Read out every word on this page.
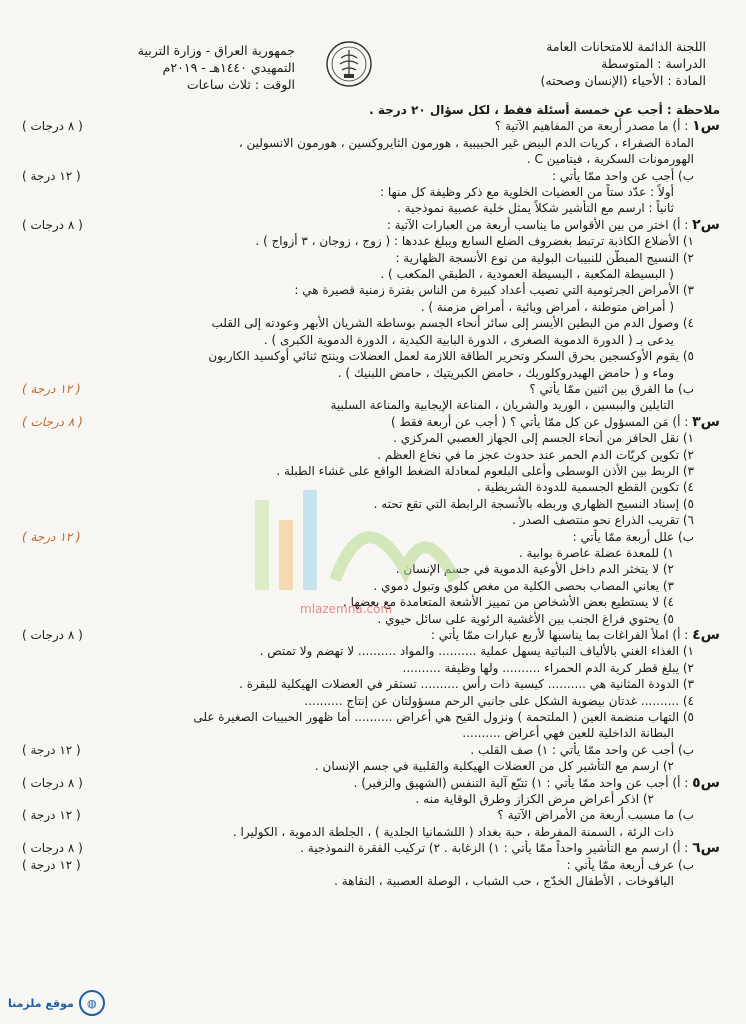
اللجنة الدائمة للامتحانات العامة
الدراسة : المتوسطة
المادة : الأحياء (الإنسان وصحته)
جمهورية العراق - وزارة التربية
التمهيدي ١٤٤٠هـ - ٢٠١٩م
الوقت : ثلاث ساعات
ملاحظة : أجب عن خمسة أسئلة فقط ، لكل سؤال ٢٠ درجة .
س١ : أ) ما مصدر أربعة من المفاهيم الآتية ؟
( ٨ درجات )
المادة الصفراء ، كريات الدم البيض غير الحبيبية ، هورمون الثايروكسين ، هورمون الانسولين ،
الهورمونات السكرية ، فيتامين C .
ب) أجب عن واحد ممّا يأتي :
( ١٢ درجة )
أولاً : عدّد ستاً من العضيات الخلوية مع ذكر وظيفة كل منها :
ثانياً : ارسم مع التأشير شكلاً يمثل خلية عصبية نموذجية .
س٢ : أ) اختر من بين الأقواس ما يناسب أربعة من العبارات الآتية :
( ٨ درجات )
١) الأضلاع الكاذبة ترتبط بغضروف الضلع السابع ويبلغ عددها : ( زوج ، زوجان ، ٣ أزواج ) .
٢) النسيج المبطّن للنبيبات البولية من نوع الأنسجة الظهارية :
( البسيطة المكعبة ، البسيطة العمودية ، الطبقي المكعب ) .
٣) الأمراض الجرثومية التي تصيب أعداد كبيرة من الناس بفترة زمنية قصيرة هي :
( أمراض متوطنة ، أمراض وبائية ، أمراض مزمنة ) .
٤) وصول الدم من البطين الأيسر إلى سائر أنحاء الجسم بوساطة الشريان الأبهر وعودته إلى القلب
يدعى بـ ( الدورة الدموية الصغرى ، الدورة البابية الكبدية ، الدورة الدموية الكبرى ) .
٥) يقوم الأوكسجين بحرق السكر وتحرير الطاقة اللازمة لعمل العضلات وينتج ثنائي أوكسيد الكاربون
وماء و ( حامض الهيدروكلوريك ، حامض الكبريتيك ، حامض اللبنيك ) .
ب) ما الفرق بين اثنين ممّا يأتي ؟
( ١٢ درجة )
التايلين والببسين ، الوريد والشريان ، المناعة الإيجابية والمناعة السلبية
س٣ : أ) مَن المسؤول عن كل ممّا يأتي ؟ ( أجب عن أربعة فقط )
( ٨ درجات )
١) نقل الحافز من أنحاء الجسم إلى الجهاز العصبي المركزي .
٢) تكوين كريّات الدم الحمر عند حدوث عجز ما في نخاع العظم .
٣) الربط بين الأذن الوسطى وأعلى البلعوم لمعادلة الضغط الواقع على غشاء الطبلة .
٤) تكوين القطع الجسمية للدودة الشريطية .
٥) إسناد النسيج الظهاري وربطه بالأنسجة الرابطة التي تقع تحته .
٦) تقريب الذراع نحو منتصف الصدر .
ب) علل أربعة ممّا يأتي :
( ١٢ درجة )
١) للمعدة عضلة عاصرة بوابية .
٢) لا يتخثر الدم داخل الأوعية الدموية في جسم الإنسان .
٣) يعاني المصاب بحصى الكلية من مغص كلوي وتبول دموي .
٤) لا يستطيع بعض الأشخاص من تمييز الأشعة المتعامدة مع بعضها .
٥) يحتوي فراغ الجنب بين الأغشية الرئوية على سائل حيوي .
س٤ : أ) املأ الفراغات بما يناسبها لأربع عبارات ممّا يأتي :
( ٨ درجات )
١) الغذاء الغني بالألياف النباتية يسهل عملية .......... والمواد .......... لا تهضم ولا تمتص .
٢) يبلغ قطر كرية الدم الحمراء .......... ولها وظيفة ..........
٣) الدودة المثانية هي .......... كيسية ذات رأس .......... تستقر في العضلات الهيكلية للبقرة .
٤) .......... غدتان بيضوية الشكل على جانبي الرحم مسؤولتان عن إنتاج ..........
٥) التهاب منضمة العين ( الملتحمة ) ونزول القيح هي أعراض .......... أما ظهور الحبيبات الصغيرة على
البطانة الداخلية للعين فهي أعراض ..........
ب) أجب عن واحد ممّا يأتي : ١) صف القلب .
( ١٢ درجة )
٢) ارسم مع التأشير كل من العضلات الهيكلية والقلبية في جسم الإنسان .
س٥ : أ) أجب عن واحد ممّا يأتي : ١) تتبّع آلية التنفس (الشهيق والزفير) .
( ٨ درجات )
٢) اذكر أعراض مرض الكزاز وطرق الوقاية منه .
ب) ما مسبب أربعة من الأمراض الآتية ؟
( ١٢ درجة )
ذات الرئة ، السمنة المفرطة ، حبة بغداد ( اللشمانيا الجلدية ) ، الجلطة الدموية ، الكوليرا .
س٦ : أ) ارسم مع التأشير واحداً ممّا يأتي : ١) الزغابة . ٢) تركيب الفقرة النموذجية .
( ٨ درجات )
ب) عرف أربعة ممّا يأتي :
( ١٢ درجة )
الياقوخات ، الأطفال الخدّج ، حب الشباب ، الوصلة العصبية ، النقاهة .
mlazemna.com
◍
موقع ملزمنا
